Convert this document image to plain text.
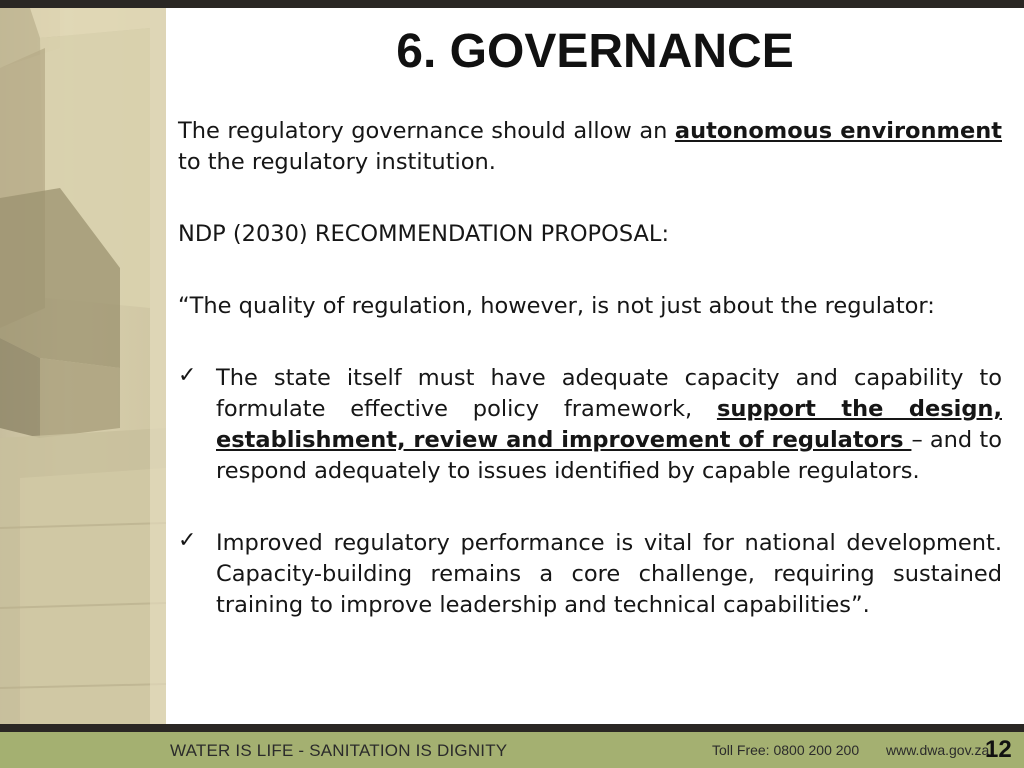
6. GOVERNANCE

The regulatory governance should allow an autonomous environment to the regulatory institution.

NDP (2030) RECOMMENDATION PROPOSAL:

“The quality of regulation, however, is not just about the regulator:

✓ The state itself must have adequate capacity and capability to formulate effective policy framework, support the design, establishment, review and improvement of regulators – and to respond adequately to issues identified by capable regulators.
✓ Improved regulatory performance is vital for national development. Capacity-building remains a core challenge, requiring sustained training to improve leadership and technical capabilities”.
WATER IS LIFE - SANITATION IS DIGNITY	Toll Free: 0800 200 200 www.dwa.gov.za
12
